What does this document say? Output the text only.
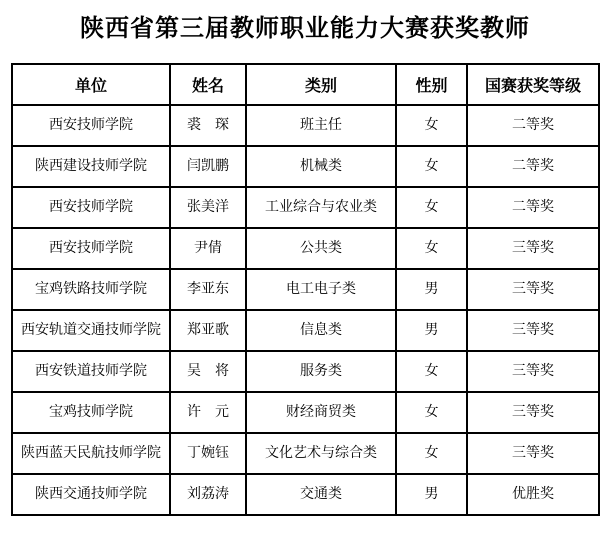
陕西省第三届教师职业能力大赛获奖教师
单位	姓名	类别	性别	国赛获奖等级
西安技师学院	裘　琛	班主任	女	二等奖
陕西建设技师学院	闫凯鹏	机械类	女	二等奖
西安技师学院	张美洋	工业综合与农业类	女	二等奖
西安技师学院	尹倩	公共类	女	三等奖
宝鸡铁路技师学院	李亚东	电工电子类	男	三等奖
西安轨道交通技师学院	郑亚歌	信息类	男	三等奖
西安铁道技师学院	吴　将	服务类	女	三等奖
宝鸡技师学院	许　元	财经商贸类	女	三等奖
陕西蓝天民航技师学院	丁婉钰	文化艺术与综合类	女	三等奖
陕西交通技师学院	刘荔涛	交通类	男	优胜奖
